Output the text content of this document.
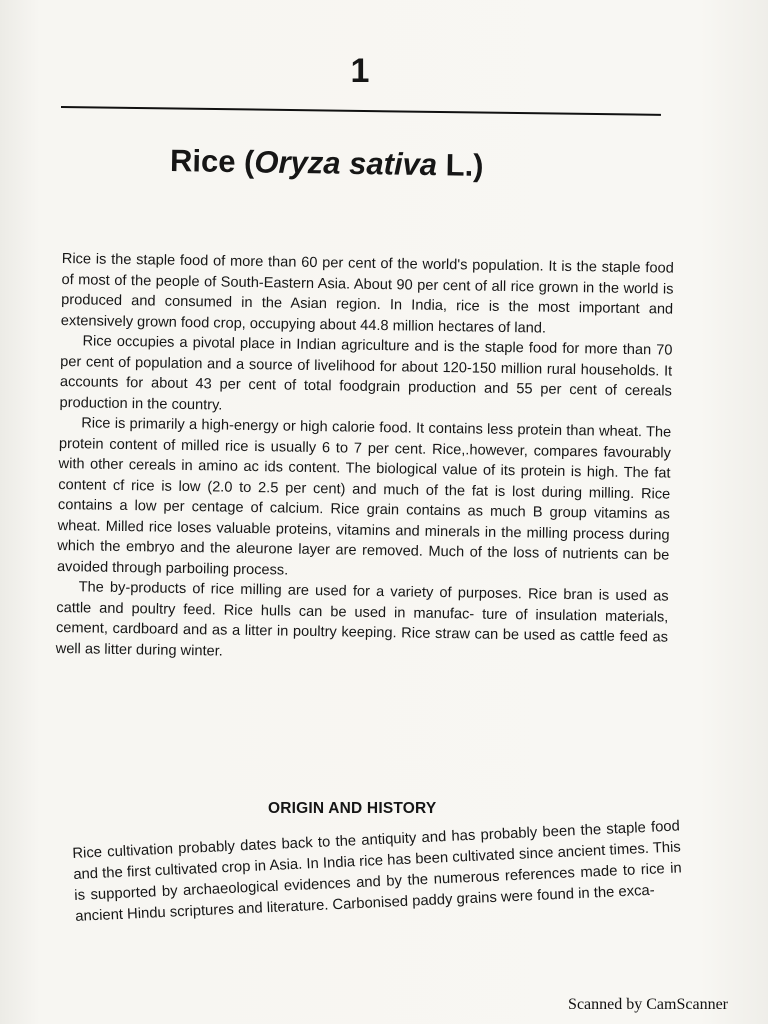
1
Rice (Oryza sativa L.)

Rice is the staple food of more than 60 per cent of the world's population. It is the staple food of most of the people of South-Eastern Asia. About 90 per cent of all rice grown in the world is produced and consumed in the Asian region. In India, rice is the most important and extensively grown food crop, occupying about 44.8 million hectares of land.

Rice occupies a pivotal place in Indian agriculture and is the staple food for more than 70 per cent of population and a source of livelihood for about 120-150 million rural households. It accounts for about 43 per cent of total foodgrain production and 55 per cent of cereals production in the country.

Rice is primarily a high-energy or high calorie food. It contains less protein than wheat. The protein content of milled rice is usually 6 to 7 per cent. Rice,.however, compares favourably with other cereals in amino ac ids content. The biological value of its protein is high. The fat content cf rice is low (2.0 to 2.5 per cent) and much of the fat is lost during milling. Rice contains a low per centage of calcium. Rice grain contains as much B group vitamins as wheat. Milled rice loses valuable proteins, vitamins and minerals in the milling process during which the embryo and the aleurone layer are removed. Much of the loss of nutrients can be avoided through parboiling process.

The by-products of rice milling are used for a variety of purposes. Rice bran is used as cattle and poultry feed. Rice hulls can be used in manufac- ture of insulation materials, cement, cardboard and as a litter in poultry keeping. Rice straw can be used as cattle feed as well as litter during winter.

ORIGIN AND HISTORY

Rice cultivation probably dates back to the antiquity and has probably been the staple food and the first cultivated crop in Asia. In India rice has been cultivated since ancient times. This is supported by archaeological evidences and by the numerous references made to rice in ancient Hindu scriptures and literature. Carbonised paddy grains were found in the exca-

Scanned by CamScanner
